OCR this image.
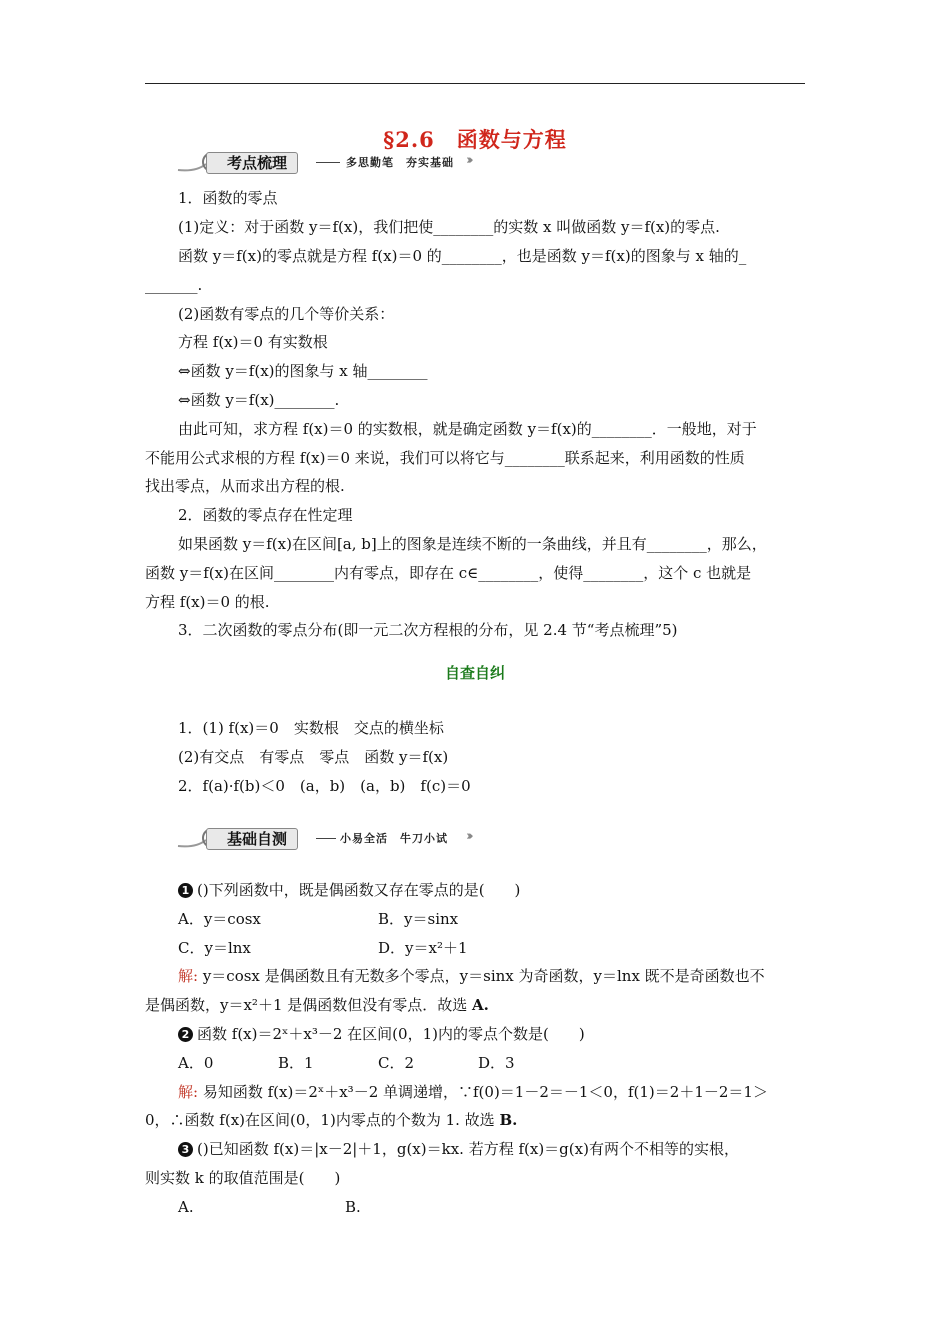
§2.6　函数与方程
考点梳理	多思勤笔　夯实基础 ›››
1．函数的零点
(1)定义：对于函数 y＝f(x)，我们把使________的实数 x 叫做函数 y＝f(x)的零点.
函数 y＝f(x)的零点就是方程 f(x)＝0 的________，也是函数 y＝f(x)的图象与 x 轴的_
_______.
(2)函数有零点的几个等价关系：
方程 f(x)＝0 有实数根
⇔函数 y＝f(x)的图象与 x 轴________
⇔函数 y＝f(x)________.
由此可知，求方程 f(x)＝0 的实数根，就是确定函数 y＝f(x)的________．一般地，对于
不能用公式求根的方程 f(x)＝0 来说，我们可以将它与________联系起来，利用函数的性质
找出零点，从而求出方程的根.
2．函数的零点存在性定理
如果函数 y＝f(x)在区间[a, b]上的图象是连续不断的一条曲线，并且有________，那么，
函数 y＝f(x)在区间________内有零点，即存在 c∈________，使得________，这个 c 也就是
方程 f(x)＝0 的根.
3．二次函数的零点分布(即一元二次方程根的分布，见 2.4 节“考点梳理”5)
自查自纠
1．(1) f(x)＝0　实数根　交点的横坐标
(2)有交点　有零点　零点　函数 y＝f(x)
2．f(a)·f(b)＜0　(a，b)　(a，b)　f(c)＝0
基础自测	小易全活　牛刀小试 ›››
1 ()下列函数中，既是偶函数又存在零点的是(　　)
A．y＝cosx	B．y＝sinx
C．y＝lnx	D．y＝x²＋1
解: y＝cosx 是偶函数且有无数多个零点，y＝sinx 为奇函数，y＝lnx 既不是奇函数也不
是偶函数，y＝x²＋1 是偶函数但没有零点．故选 A.
2 函数 f(x)＝2ˣ＋x³－2 在区间(0，1)内的零点个数是(　　)
A．0	B．1	C．2	D．3
解: 易知函数 f(x)＝2ˣ＋x³－2 单调递增，∵f(0)＝1－2＝－1＜0，f(1)＝2＋1－2＝1＞
0，∴函数 f(x)在区间(0，1)内零点的个数为 1. 故选 B.
3 ()已知函数 f(x)＝|x－2|＋1，g(x)＝kx. 若方程 f(x)＝g(x)有两个不相等的实根，
则实数 k 的取值范围是(　　)
A.	B.
